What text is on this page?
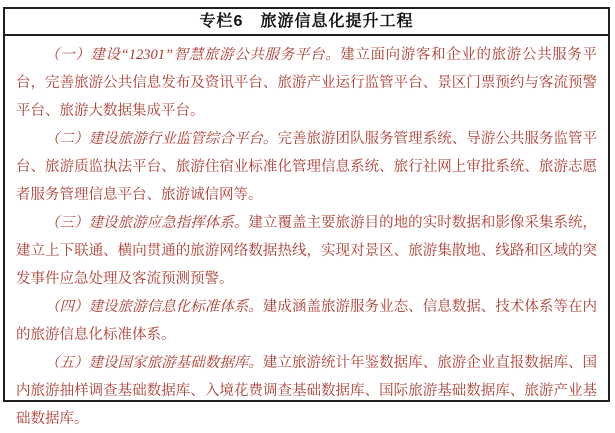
专栏6　旅游信息化提升工程

（一）建设“12301”智慧旅游公共服务平台。建立面向游客和企业的旅游公共服务平台，完善旅游公共信息发布及资讯平台、旅游产业运行监管平台、景区门票预约与客流预警平台、旅游大数据集成平台。

（二）建设旅游行业监管综合平台。完善旅游团队服务管理系统、导游公共服务监管平台、旅游质监执法平台、旅游住宿业标准化管理信息系统、旅行社网上审批系统、旅游志愿者服务管理信息平台、旅游诚信网等。

（三）建设旅游应急指挥体系。建立覆盖主要旅游目的地的实时数据和影像采集系统，建立上下联通、横向贯通的旅游网络数据热线，实现对景区、旅游集散地、线路和区域的突发事件应急处理及客流预测预警。

（四）建设旅游信息化标准体系。建成涵盖旅游服务业态、信息数据、技术体系等在内的旅游信息化标准体系。

（五）建设国家旅游基础数据库。建立旅游统计年鉴数据库、旅游企业直报数据库、国内旅游抽样调查基础数据库、入境花费调查基础数据库、国际旅游基础数据库、旅游产业基础数据库。
